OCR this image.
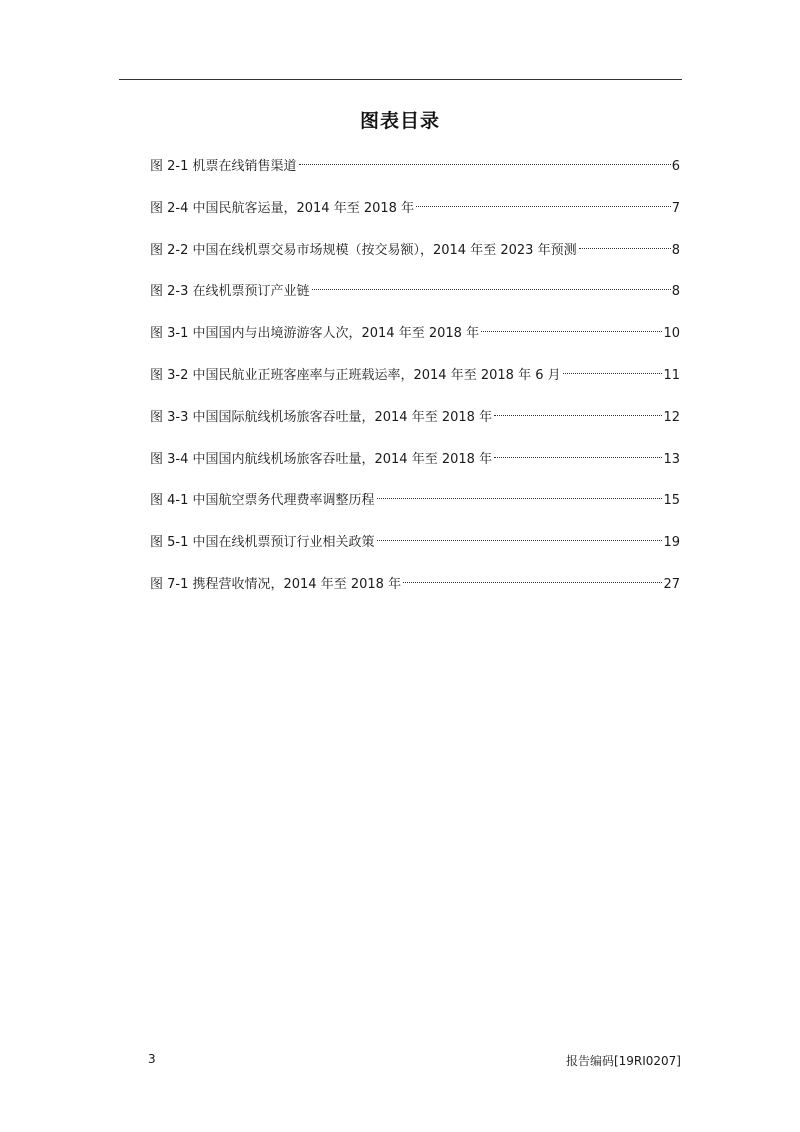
图表目录
图 2-1 机票在线销售渠道	6
图 2-4 中国民航客运量，2014 年至 2018 年	7
图 2-2 中国在线机票交易市场规模（按交易额），2014 年至 2023 年预测	8
图 2-3 在线机票预订产业链	8
图 3-1 中国国内与出境游游客人次，2014 年至 2018 年	10
图 3-2 中国民航业正班客座率与正班载运率，2014 年至 2018 年 6 月	11
图 3-3 中国国际航线机场旅客吞吐量，2014 年至 2018 年	12
图 3-4 中国国内航线机场旅客吞吐量，2014 年至 2018 年	13
图 4-1 中国航空票务代理费率调整历程	15
图 5-1 中国在线机票预订行业相关政策	19
图 7-1 携程营收情况，2014 年至 2018 年	27
3	报告编码[19RI0207]
